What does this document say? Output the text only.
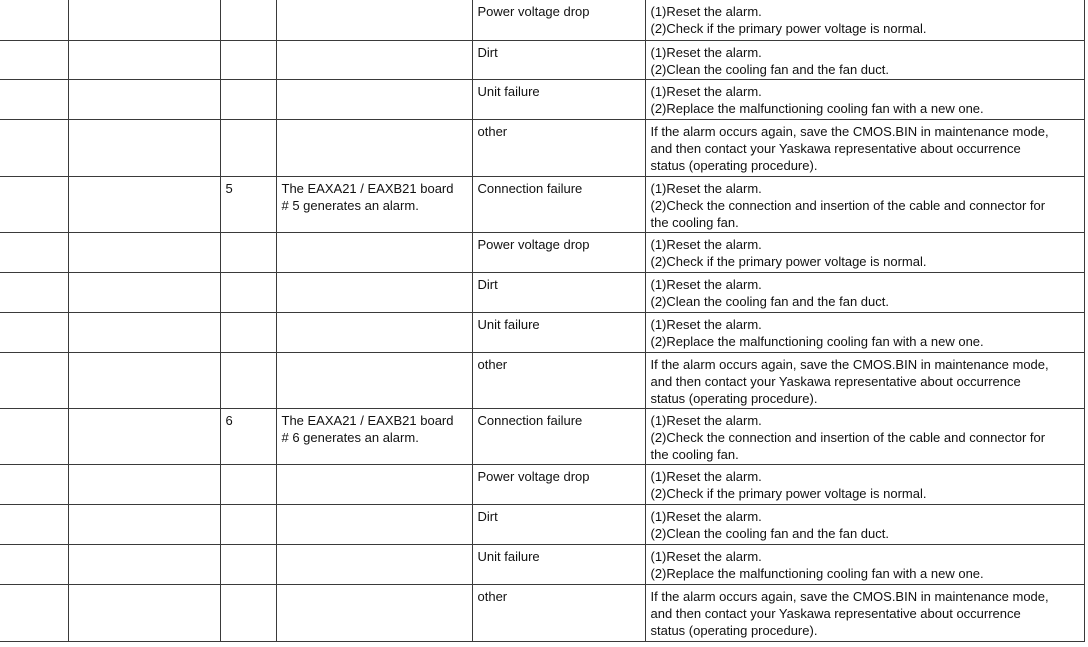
				Power voltage drop	(1)Reset the alarm.
(2)Check if the primary power voltage is normal.
				Dirt	(1)Reset the alarm.
(2)Clean the cooling fan and the fan duct.
				Unit failure	(1)Reset the alarm.
(2)Replace the malfunctioning cooling fan with a new one.
				other	If the alarm occurs again, save the CMOS.BIN in maintenance mode,
and then contact your Yaskawa representative about occurrence
status (operating procedure).
		5	The EAXA21 / EAXB21 board
# 5 generates an alarm.	Connection failure	(1)Reset the alarm.
(2)Check the connection and insertion of the cable and connector for
the cooling fan.
				Power voltage drop	(1)Reset the alarm.
(2)Check if the primary power voltage is normal.
				Dirt	(1)Reset the alarm.
(2)Clean the cooling fan and the fan duct.
				Unit failure	(1)Reset the alarm.
(2)Replace the malfunctioning cooling fan with a new one.
				other	If the alarm occurs again, save the CMOS.BIN in maintenance mode,
and then contact your Yaskawa representative about occurrence
status (operating procedure).
		6	The EAXA21 / EAXB21 board
# 6 generates an alarm.	Connection failure	(1)Reset the alarm.
(2)Check the connection and insertion of the cable and connector for
the cooling fan.
				Power voltage drop	(1)Reset the alarm.
(2)Check if the primary power voltage is normal.
				Dirt	(1)Reset the alarm.
(2)Clean the cooling fan and the fan duct.
				Unit failure	(1)Reset the alarm.
(2)Replace the malfunctioning cooling fan with a new one.
				other	If the alarm occurs again, save the CMOS.BIN in maintenance mode,
and then contact your Yaskawa representative about occurrence
status (operating procedure).
